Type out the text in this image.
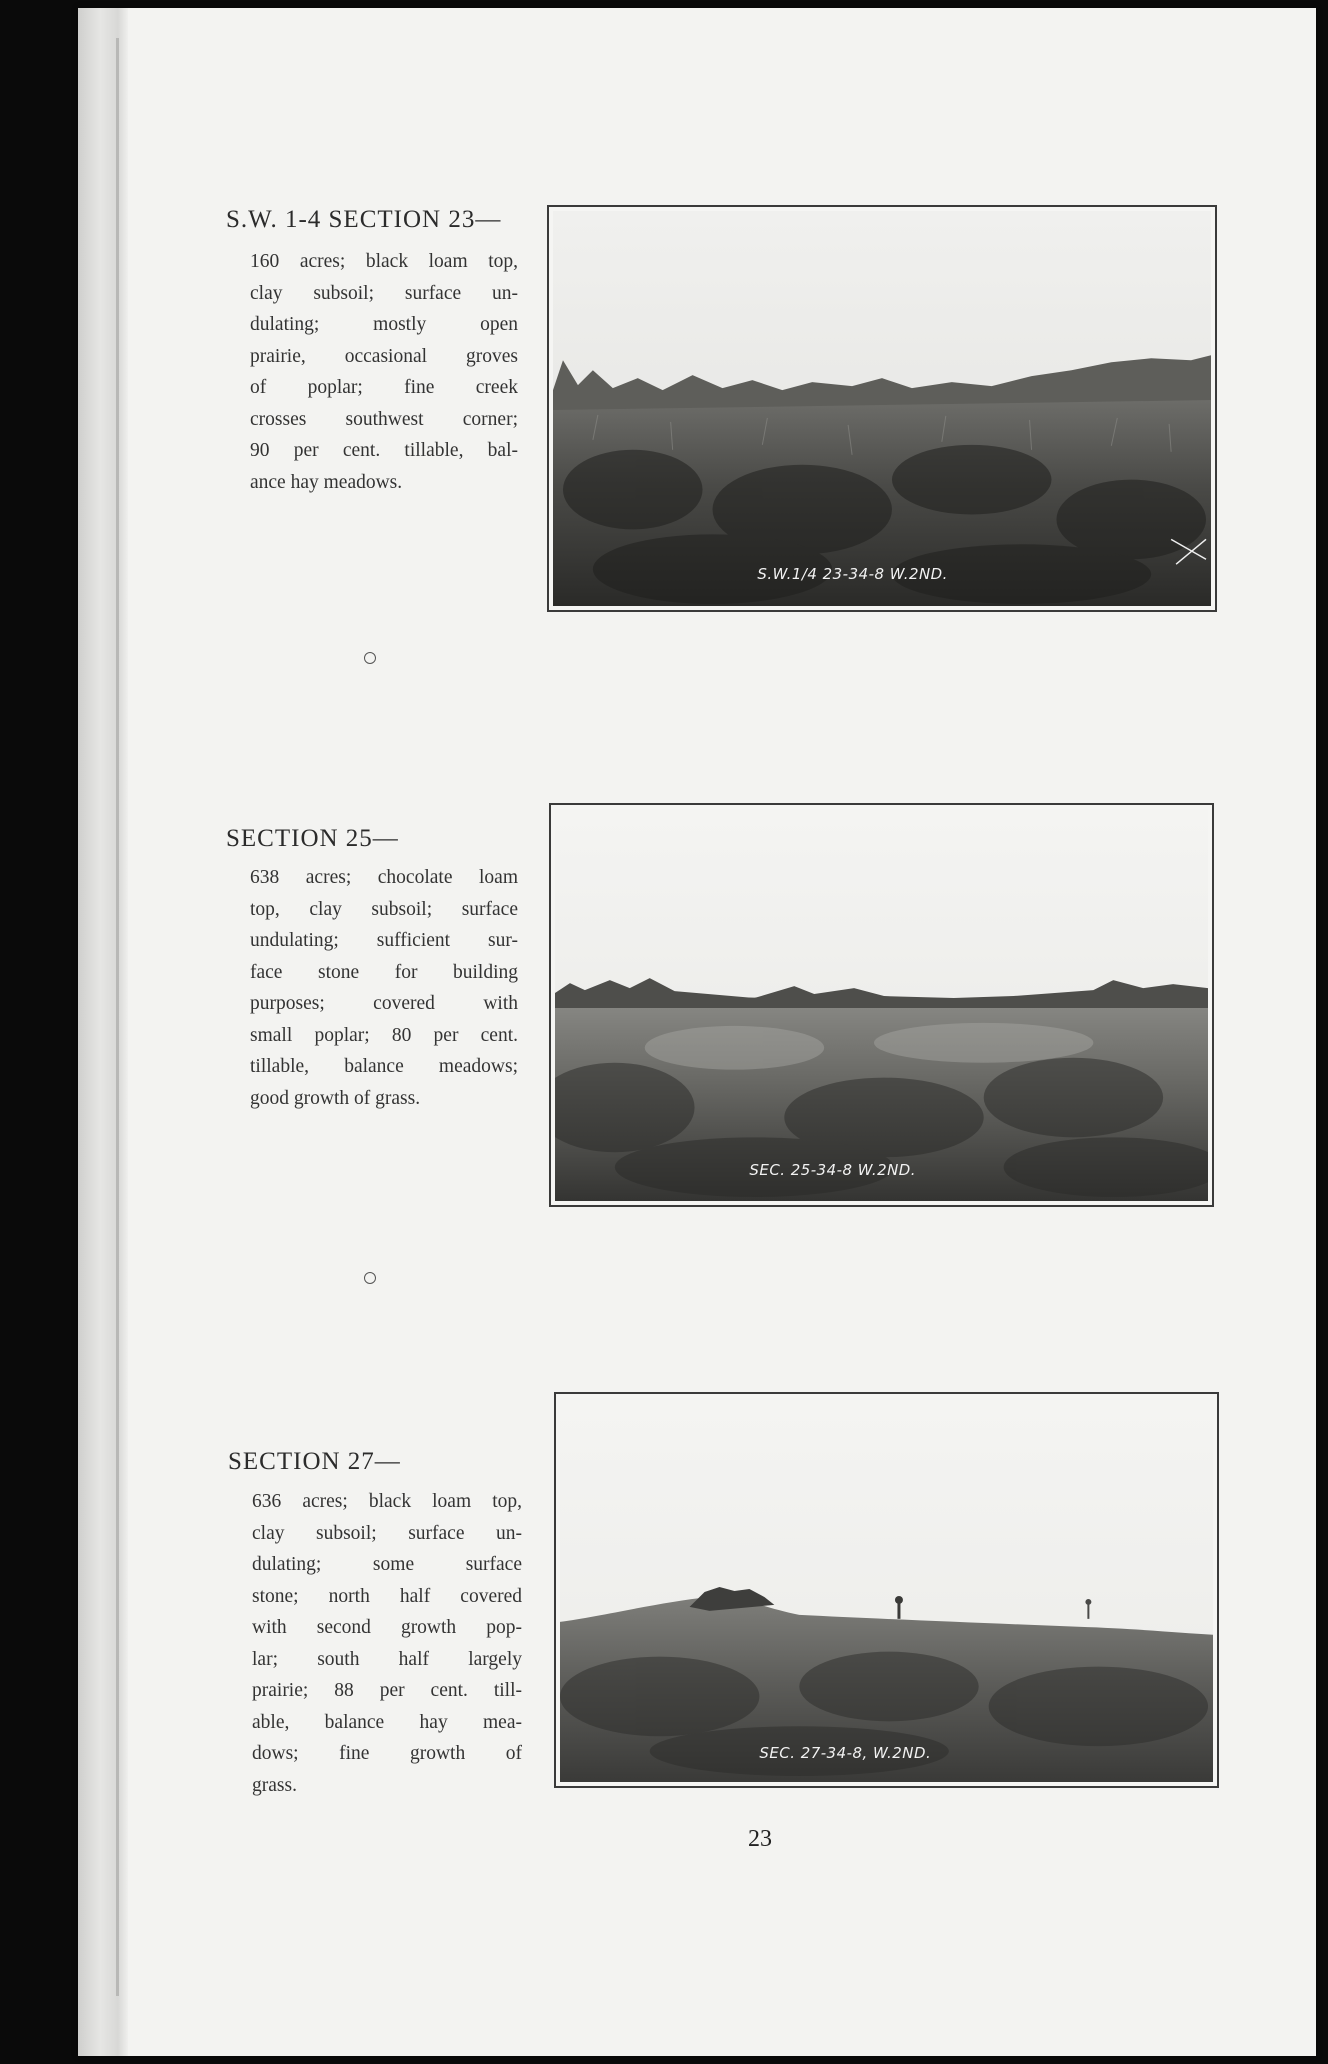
S.W. 1-4 SECTION 23—
160 acres; black loam top,
clay subsoil; surface un-
dulating; mostly open
prairie, occasional groves
of poplar; fine creek
crosses southwest corner;
90 per cent. tillable, bal-
ance hay meadows.
S.W.1/4 23-34-8 W.2ND.
SECTION 25—
638 acres; chocolate loam
top, clay subsoil; surface
undulating; sufficient sur-
face stone for building
purposes; covered with
small poplar; 80 per cent.
tillable, balance meadows;
good growth of grass.
SEC. 25-34-8 W.2ND.
SECTION 27—
636 acres; black loam top,
clay subsoil; surface un-
dulating; some surface
stone; north half covered
with second growth pop-
lar; south half largely
prairie; 88 per cent. till-
able, balance hay mea-
dows; fine growth of
grass.
SEC. 27-34-8, W.2ND.
23
